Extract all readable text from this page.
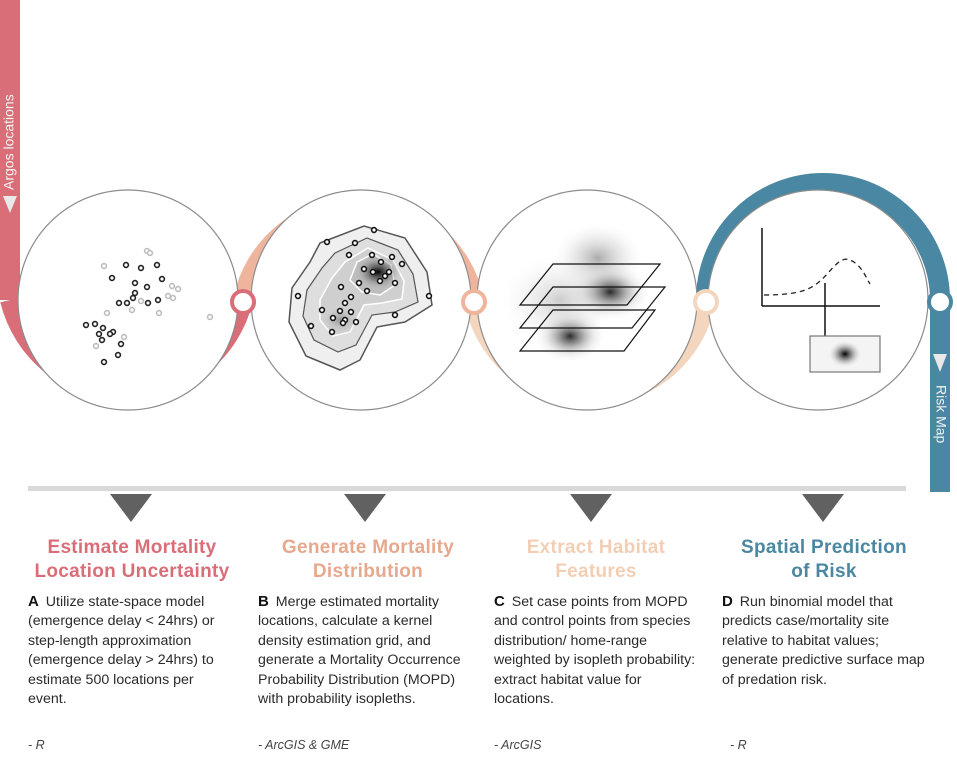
Argos locations
Risk Map
Estimate Mortality
Location Uncertainty
Generate Mortality
Distribution
Extract Habitat
Features
Spatial Prediction
of Risk
A Utilize state-space model (emergence delay < 24hrs) or step-length approximation (emergence delay > 24hrs) to estimate 500 locations per event.
B Merge estimated mortality locations, calculate a kernel density estimation grid, and generate a Mortality Occurrence Probability Distribution (MOPD) with probability isopleths.
C Set case points from MOPD and control points from species distribution/ home-range weighted by isopleth probability: extract habitat value for locations.
D Run binomial model that predicts case/mortality site relative to habitat values; generate predictive surface map of predation risk.
- R	- ArcGIS & GME	- ArcGIS	- R
